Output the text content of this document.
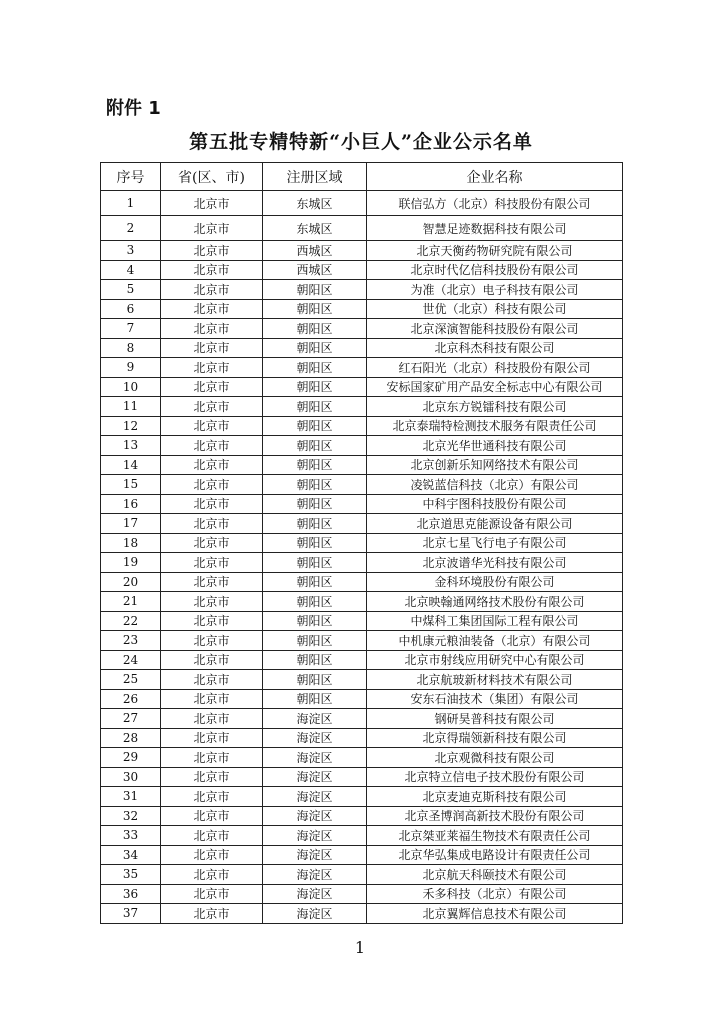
附件 1
第五批专精特新“小巨人”企业公示名单
序号	省(区、市)	注册区域	企业名称
1	北京市	东城区	联信弘方（北京）科技股份有限公司
2	北京市	东城区	智慧足迹数据科技有限公司
3	北京市	西城区	北京天衡药物研究院有限公司
4	北京市	西城区	北京时代亿信科技股份有限公司
5	北京市	朝阳区	为准（北京）电子科技有限公司
6	北京市	朝阳区	世优（北京）科技有限公司
7	北京市	朝阳区	北京深演智能科技股份有限公司
8	北京市	朝阳区	北京科杰科技有限公司
9	北京市	朝阳区	红石阳光（北京）科技股份有限公司
10	北京市	朝阳区	安标国家矿用产品安全标志中心有限公司
11	北京市	朝阳区	北京东方锐镭科技有限公司
12	北京市	朝阳区	北京泰瑞特检测技术服务有限责任公司
13	北京市	朝阳区	北京光华世通科技有限公司
14	北京市	朝阳区	北京创新乐知网络技术有限公司
15	北京市	朝阳区	凌锐蓝信科技（北京）有限公司
16	北京市	朝阳区	中科宇图科技股份有限公司
17	北京市	朝阳区	北京道思克能源设备有限公司
18	北京市	朝阳区	北京七星飞行电子有限公司
19	北京市	朝阳区	北京波谱华光科技有限公司
20	北京市	朝阳区	金科环境股份有限公司
21	北京市	朝阳区	北京映翰通网络技术股份有限公司
22	北京市	朝阳区	中煤科工集团国际工程有限公司
23	北京市	朝阳区	中机康元粮油装备（北京）有限公司
24	北京市	朝阳区	北京市射线应用研究中心有限公司
25	北京市	朝阳区	北京航玻新材料技术有限公司
26	北京市	朝阳区	安东石油技术（集团）有限公司
27	北京市	海淀区	钢研昊普科技有限公司
28	北京市	海淀区	北京得瑞领新科技有限公司
29	北京市	海淀区	北京观微科技有限公司
30	北京市	海淀区	北京特立信电子技术股份有限公司
31	北京市	海淀区	北京麦迪克斯科技有限公司
32	北京市	海淀区	北京圣博润高新技术股份有限公司
33	北京市	海淀区	北京桀亚莱福生物技术有限责任公司
34	北京市	海淀区	北京华弘集成电路设计有限责任公司
35	北京市	海淀区	北京航天科颐技术有限公司
36	北京市	海淀区	禾多科技（北京）有限公司
37	北京市	海淀区	北京翼辉信息技术有限公司
1
